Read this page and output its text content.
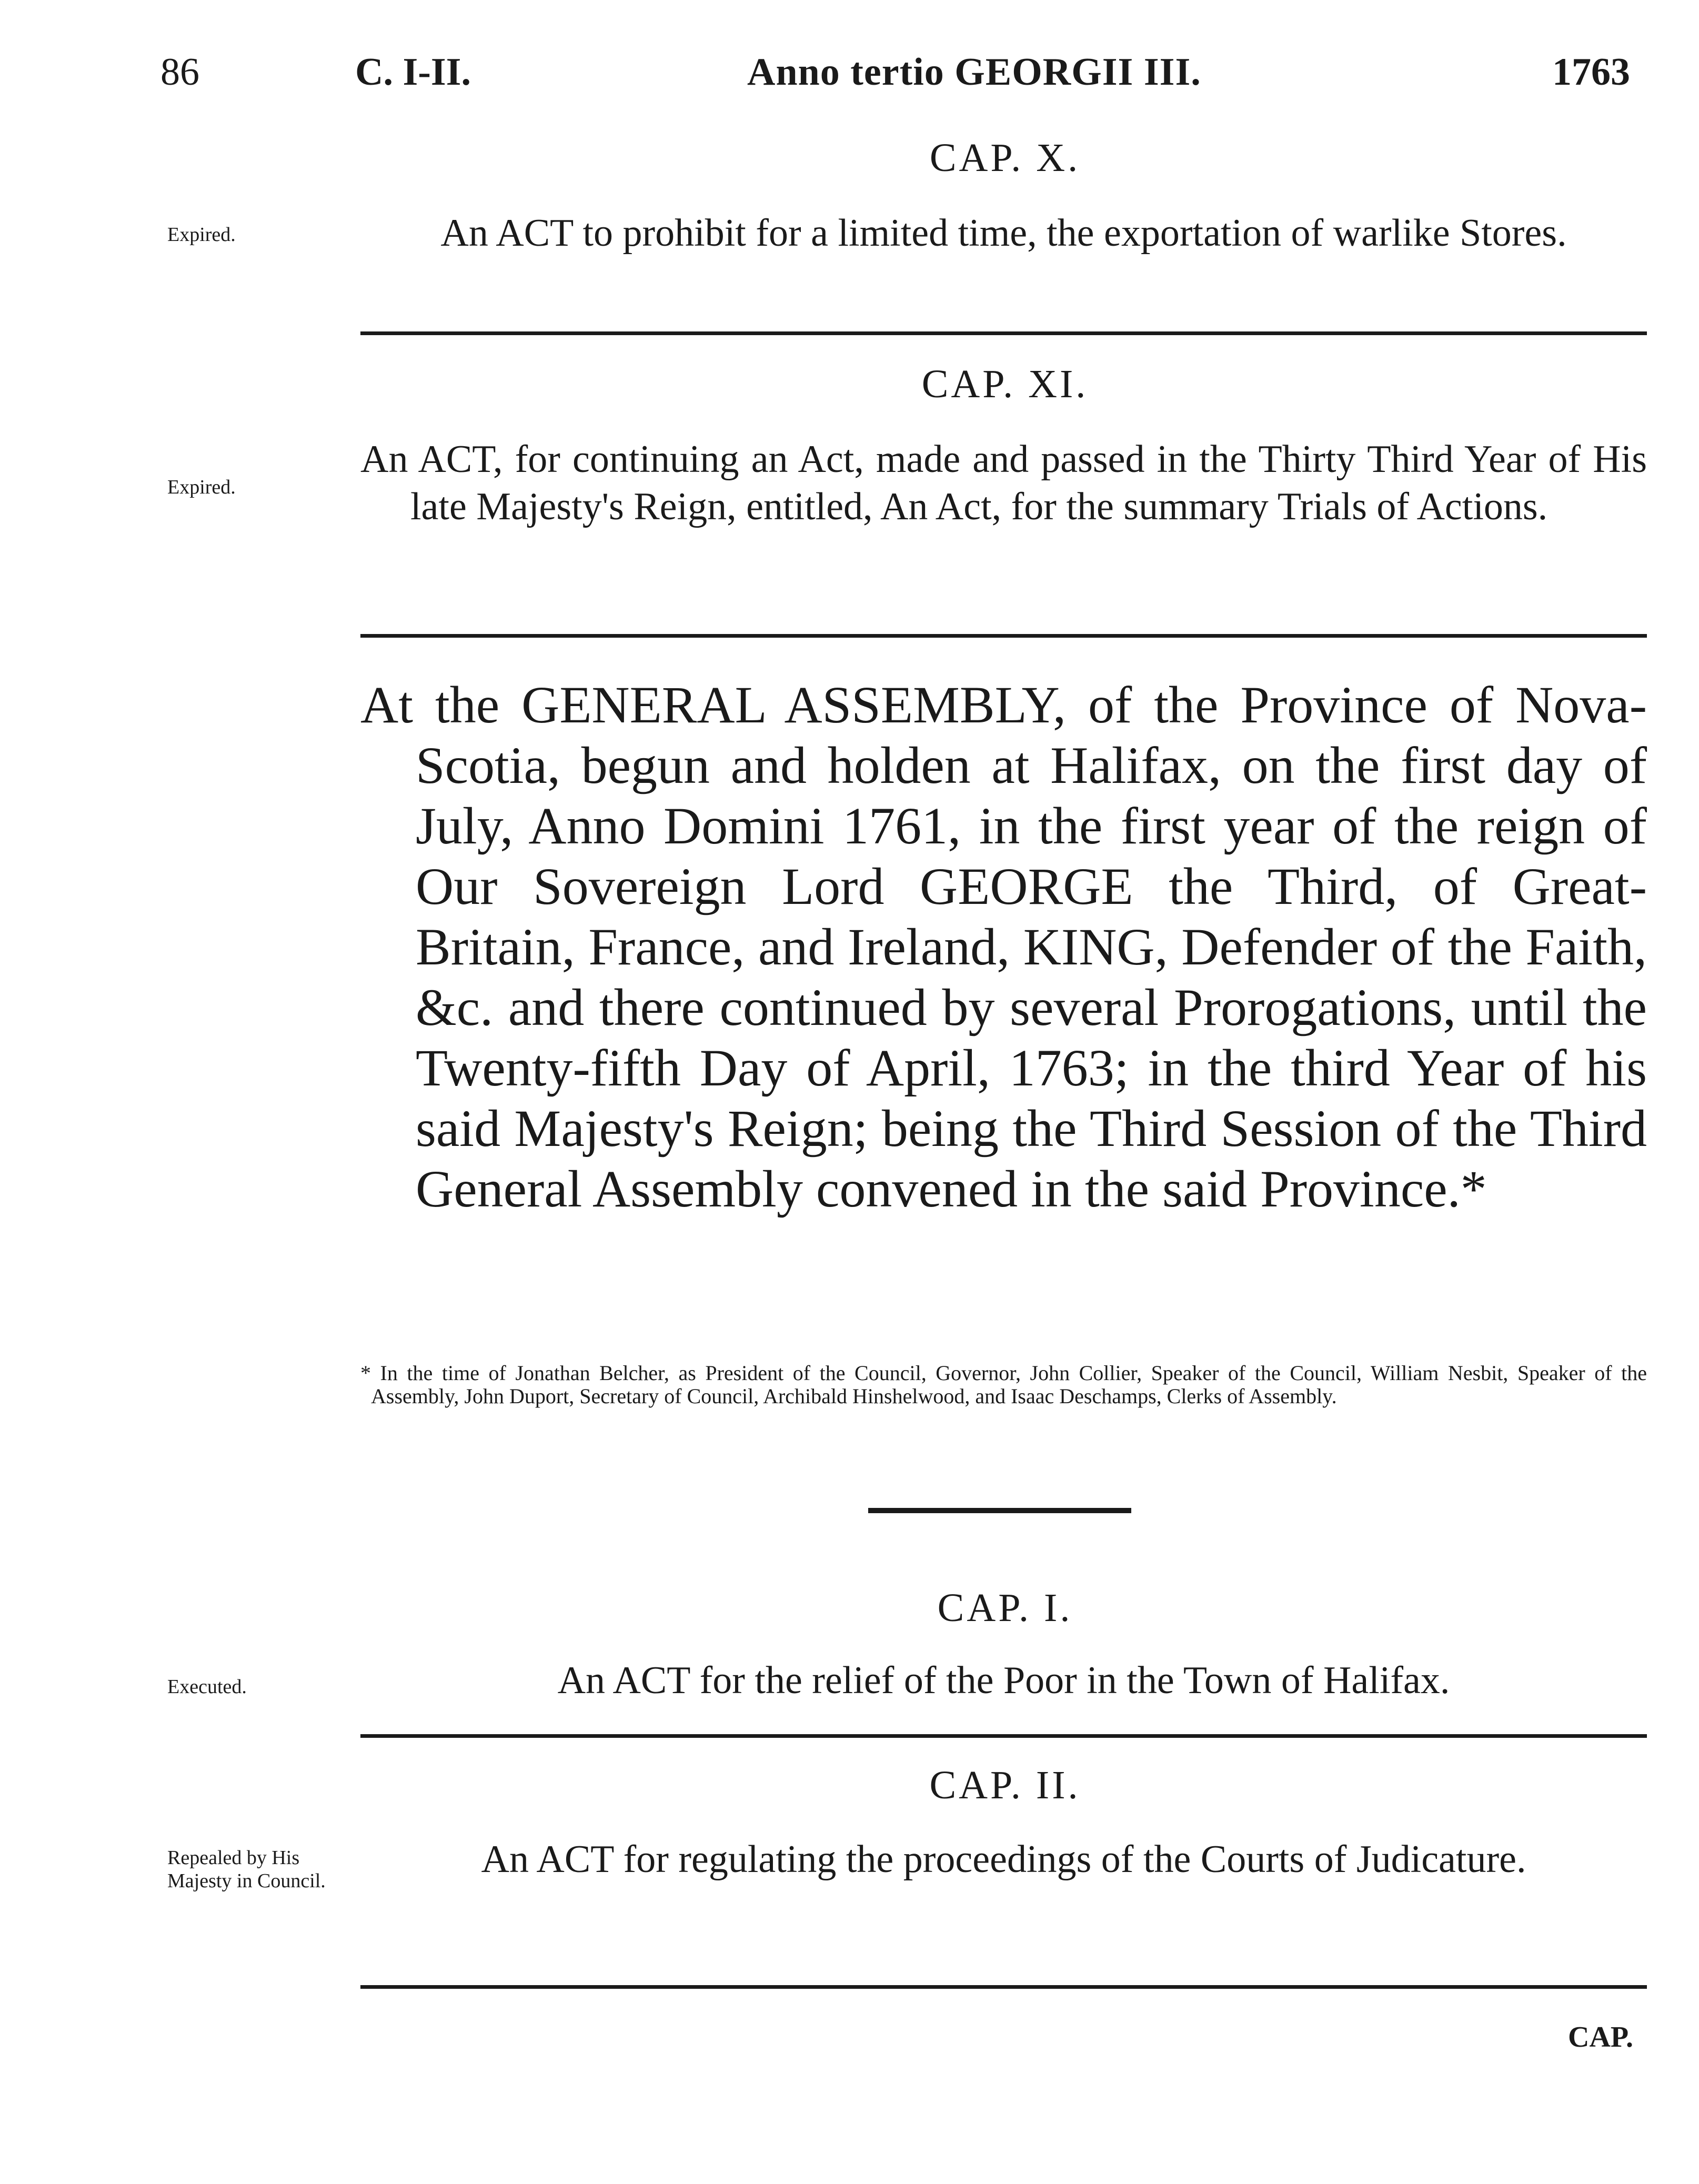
86	C. I-II.	Anno tertio GEORGII III.	1763
CAP. X.
Expired.	An ACT to prohibit for a limited time, the exportation of warlike Stores.
CAP. XI.
Expired.
An ACT, for continuing an Act, made and passed in the Thirty Third Year of His late Majesty's Reign, entitled, An Act, for the summary Trials of Actions.
At the GENERAL ASSEMBLY, of the Province of Nova-Scotia, begun and holden at Halifax, on the first day of July, Anno Domini 1761, in the first year of the reign of Our Sovereign Lord GEORGE the Third, of Great-Britain, France, and Ireland, KING, Defender of the Faith, &c. and there continued by several Prorogations, until the Twenty-fifth Day of April, 1763; in the third Year of his said Majesty's Reign; being the Third Session of the Third General Assembly convened in the said Province.*
* In the time of Jonathan Belcher, as President of the Council, Governor, John Collier, Speaker of the Council, William Nesbit, Speaker of the Assembly, John Duport, Secretary of Council, Archibald Hinshelwood, and Isaac Deschamps, Clerks of Assembly.
CAP. I.
Executed.	An ACT for the relief of the Poor in the Town of Halifax.
CAP. II.
Repealed by His Majesty in Council.	An ACT for regulating the proceedings of the Courts of Judicature.
CAP.
